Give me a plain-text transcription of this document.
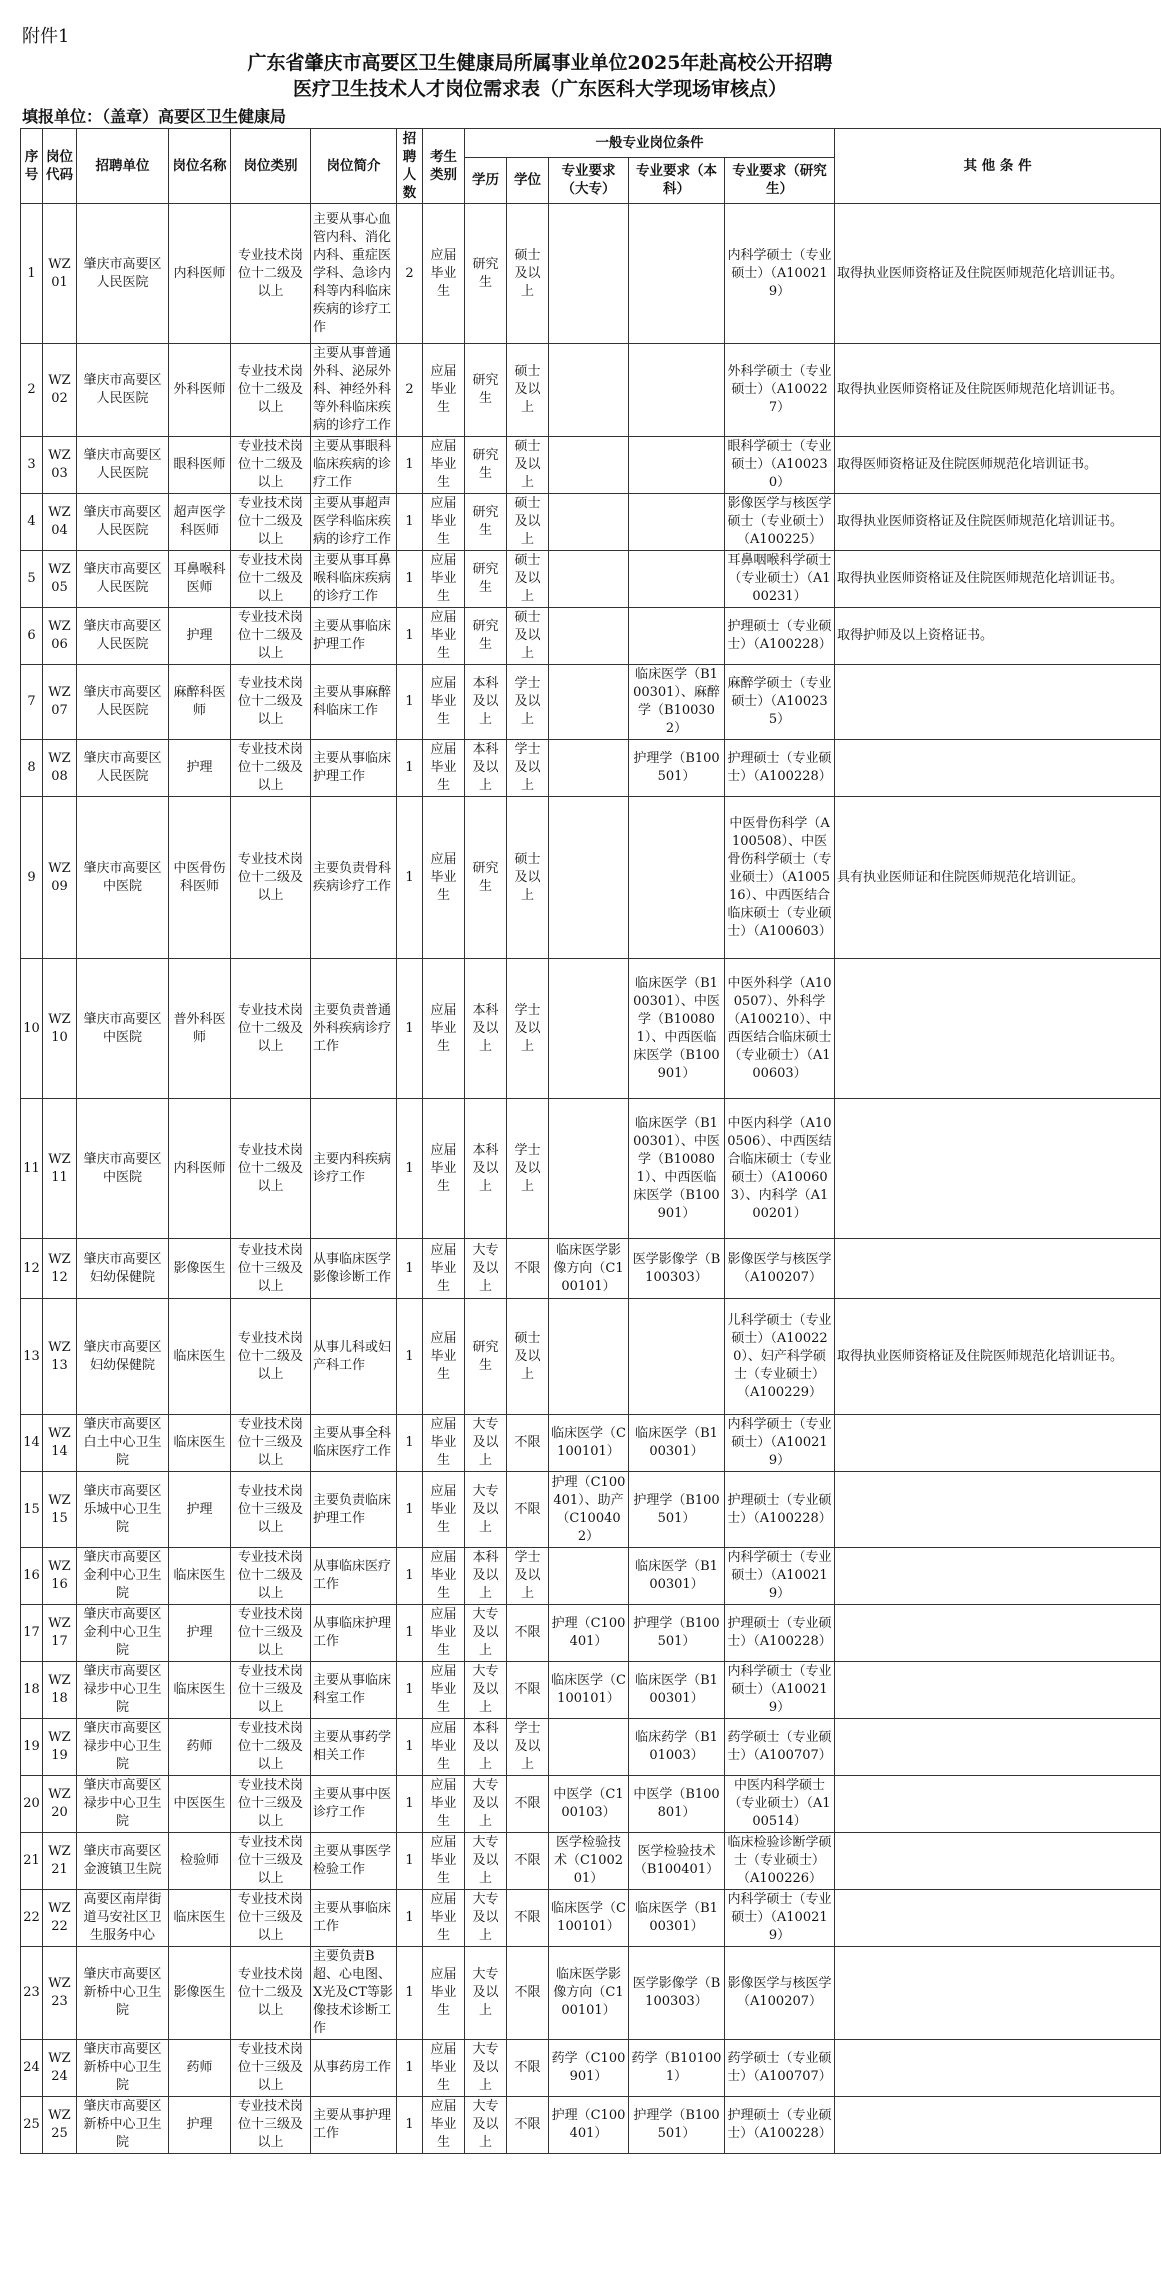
附件1
广东省肇庆市高要区卫生健康局所属事业单位2025年赴高校公开招聘
医疗卫生技术人才岗位需求表（广东医科大学现场审核点）
填报单位：（盖章）高要区卫生健康局
序号	岗位代码	招聘单位	岗位名称	岗位类别	岗位简介	招聘人数	考生类别	一般专业岗位条件					其 他 条 件
								学历	学位	专业要求（大专）	专业要求（本科）	专业要求（研究生）	
1	WZ01	肇庆市高要区人民医院	内科医师	专业技术岗位十二级及以上	主要从事心血管内科、消化内科、重症医学科、急诊内科等内科临床疾病的诊疗工作	2	应届毕业生	研究生	硕士及以上			内科学硕士（专业硕士）（A100219）	取得执业医师资格证及住院医师规范化培训证书。
2	WZ02	肇庆市高要区人民医院	外科医师	专业技术岗位十二级及以上	主要从事普通外科、泌尿外科、神经外科等外科临床疾病的诊疗工作	2	应届毕业生	研究生	硕士及以上			外科学硕士（专业硕士）（A100227）	取得执业医师资格证及住院医师规范化培训证书。
3	WZ03	肇庆市高要区人民医院	眼科医师	专业技术岗位十二级及以上	主要从事眼科临床疾病的诊疗工作	1	应届毕业生	研究生	硕士及以上			眼科学硕士（专业硕士）（A100230）	取得医师资格证及住院医师规范化培训证书。
4	WZ04	肇庆市高要区人民医院	超声医学科医师	专业技术岗位十二级及以上	主要从事超声医学科临床疾病的诊疗工作	1	应届毕业生	研究生	硕士及以上			影像医学与核医学硕士（专业硕士）（A100225）	取得执业医师资格证及住院医师规范化培训证书。
5	WZ05	肇庆市高要区人民医院	耳鼻喉科医师	专业技术岗位十二级及以上	主要从事耳鼻喉科临床疾病的诊疗工作	1	应届毕业生	研究生	硕士及以上			耳鼻咽喉科学硕士（专业硕士）（A100231）	取得执业医师资格证及住院医师规范化培训证书。
6	WZ06	肇庆市高要区人民医院	护理	专业技术岗位十二级及以上	主要从事临床护理工作	1	应届毕业生	研究生	硕士及以上			护理硕士（专业硕士）（A100228）	取得护师及以上资格证书。
7	WZ07	肇庆市高要区人民医院	麻醉科医师	专业技术岗位十二级及以上	主要从事麻醉科临床工作	1	应届毕业生	本科及以上	学士及以上		临床医学（B100301）、麻醉学（B100302）	麻醉学硕士（专业硕士）（A100235）	
8	WZ08	肇庆市高要区人民医院	护理	专业技术岗位十二级及以上	主要从事临床护理工作	1	应届毕业生	本科及以上	学士及以上		护理学（B100501）	护理硕士（专业硕士）（A100228）	
9	WZ09	肇庆市高要区中医院	中医骨伤科医师	专业技术岗位十二级及以上	主要负责骨科疾病诊疗工作	1	应届毕业生	研究生	硕士及以上			中医骨伤科学（A100508）、中医骨伤科学硕士（专业硕士）（A100516）、中西医结合临床硕士（专业硕士）（A100603）	具有执业医师证和住院医师规范化培训证。
10	WZ10	肇庆市高要区中医院	普外科医师	专业技术岗位十二级及以上	主要负责普通外科疾病诊疗工作	1	应届毕业生	本科及以上	学士及以上		临床医学（B100301）、中医学（B100801）、中西医临床医学（B100901）	中医外科学（A100507）、外科学（A100210）、中西医结合临床硕士（专业硕士）（A100603）	
11	WZ11	肇庆市高要区中医院	内科医师	专业技术岗位十二级及以上	主要内科疾病诊疗工作	1	应届毕业生	本科及以上	学士及以上		临床医学（B100301）、中医学（B100801）、中西医临床医学（B100901）	中医内科学（A100506）、中西医结合临床硕士（专业硕士）（A100603）、内科学（A100201）	
12	WZ12	肇庆市高要区妇幼保健院	影像医生	专业技术岗位十三级及以上	从事临床医学影像诊断工作	1	应届毕业生	大专及以上	不限	临床医学影像方向（C100101）	医学影像学（B100303）	影像医学与核医学（A100207）	
13	WZ13	肇庆市高要区妇幼保健院	临床医生	专业技术岗位十二级及以上	从事儿科或妇产科工作	1	应届毕业生	研究生	硕士及以上			儿科学硕士（专业硕士）（A100220）、妇产科学硕士（专业硕士）（A100229）	取得执业医师资格证及住院医师规范化培训证书。
14	WZ14	肇庆市高要区白土中心卫生院	临床医生	专业技术岗位十三级及以上	主要从事全科临床医疗工作	1	应届毕业生	大专及以上	不限	临床医学（C100101）	临床医学（B100301）	内科学硕士（专业硕士）（A100219）	
15	WZ15	肇庆市高要区乐城中心卫生院	护理	专业技术岗位十三级及以上	主要负责临床护理工作	1	应届毕业生	大专及以上	不限	护理（C100401）、助产（C100402）	护理学（B100501）	护理硕士（专业硕士）（A100228）	
16	WZ16	肇庆市高要区金利中心卫生院	临床医生	专业技术岗位十二级及以上	从事临床医疗工作	1	应届毕业生	本科及以上	学士及以上		临床医学（B100301）	内科学硕士（专业硕士）（A100219）	
17	WZ17	肇庆市高要区金利中心卫生院	护理	专业技术岗位十三级及以上	从事临床护理工作	1	应届毕业生	大专及以上	不限	护理（C100401）	护理学（B100501）	护理硕士（专业硕士）（A100228）	
18	WZ18	肇庆市高要区禄步中心卫生院	临床医生	专业技术岗位十三级及以上	主要从事临床科室工作	1	应届毕业生	大专及以上	不限	临床医学（C100101）	临床医学（B100301）	内科学硕士（专业硕士）（A100219）	
19	WZ19	肇庆市高要区禄步中心卫生院	药师	专业技术岗位十二级及以上	主要从事药学相关工作	1	应届毕业生	本科及以上	学士及以上		临床药学（B101003）	药学硕士（专业硕士）（A100707）	
20	WZ20	肇庆市高要区禄步中心卫生院	中医医生	专业技术岗位十三级及以上	主要从事中医诊疗工作	1	应届毕业生	大专及以上	不限	中医学（C100103）	中医学（B100801）	中医内科学硕士（专业硕士）（A100514）	
21	WZ21	肇庆市高要区金渡镇卫生院	检验师	专业技术岗位十三级及以上	主要从事医学检验工作	1	应届毕业生	大专及以上	不限	医学检验技术（C100201）	医学检验技术（B100401）	临床检验诊断学硕士（专业硕士）（A100226）	
22	WZ22	高要区南岸街道马安社区卫生服务中心	临床医生	专业技术岗位十三级及以上	主要从事临床工作	1	应届毕业生	大专及以上	不限	临床医学（C100101）	临床医学（B100301）	内科学硕士（专业硕士）（A100219）	
23	WZ23	肇庆市高要区新桥中心卫生院	影像医生	专业技术岗位十二级及以上	主要负责B超、心电图、X光及CT等影像技术诊断工作	1	应届毕业生	大专及以上	不限	临床医学影像方向（C100101）	医学影像学（B100303）	影像医学与核医学（A100207）	
24	WZ24	肇庆市高要区新桥中心卫生院	药师	专业技术岗位十三级及以上	从事药房工作	1	应届毕业生	大专及以上	不限	药学（C100901）	药学（B101001）	药学硕士（专业硕士）（A100707）	
25	WZ25	肇庆市高要区新桥中心卫生院	护理	专业技术岗位十三级及以上	主要从事护理工作	1	应届毕业生	大专及以上	不限	护理（C100401）	护理学（B100501）	护理硕士（专业硕士）（A100228）	
